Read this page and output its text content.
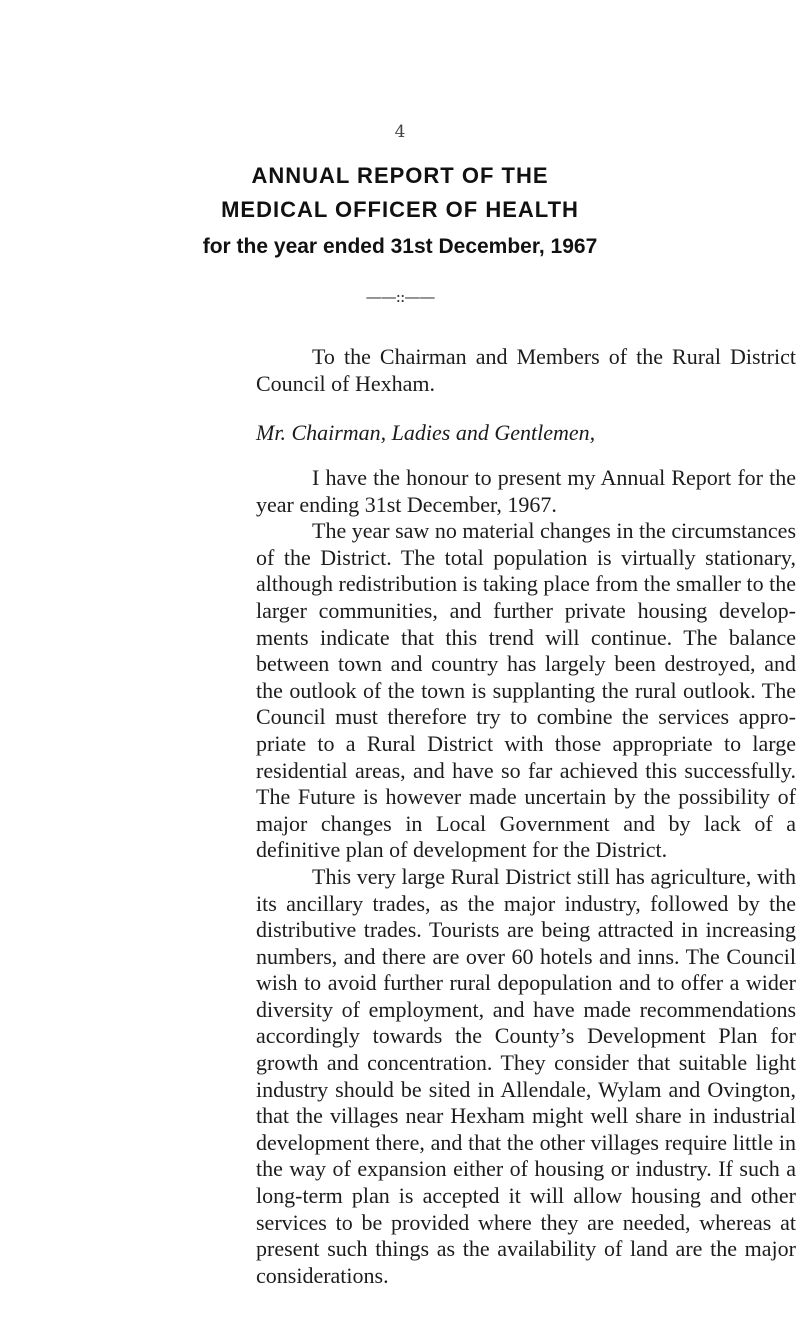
4
ANNUAL REPORT OF THE
MEDICAL OFFICER OF HEALTH
for the year ended 31st December, 1967
——::——
To the Chairman and Members of the Rural District Council of Hexham.
Mr. Chairman, Ladies and Gentlemen,

I have the honour to present my Annual Report for the year ending 31st December, 1967.

The year saw no material changes in the circumstances of the District. The total population is virtually stationary, although redistribution is taking place from the smaller to the larger communities, and further private housing develop-ments indicate that this trend will continue. The balance between town and country has largely been destroyed, and the outlook of the town is supplanting the rural outlook. The Council must therefore try to combine the services appro-priate to a Rural District with those appropriate to large residential areas, and have so far achieved this successfully. The Future is however made uncertain by the possibility of major changes in Local Government and by lack of a definitive plan of development for the District.

This very large Rural District still has agriculture, with its ancillary trades, as the major industry, followed by the distributive trades. Tourists are being attracted in increasing numbers, and there are over 60 hotels and inns. The Council wish to avoid further rural depopulation and to offer a wider diversity of employment, and have made recommendations accordingly towards the County’s Development Plan for growth and concentration. They consider that suitable light industry should be sited in Allendale, Wylam and Ovington, that the villages near Hexham might well share in industrial development there, and that the other villages require little in the way of expansion either of housing or industry. If such a long-term plan is accepted it will allow housing and other services to be provided where they are needed, whereas at present such things as the availability of land are the major considerations.
